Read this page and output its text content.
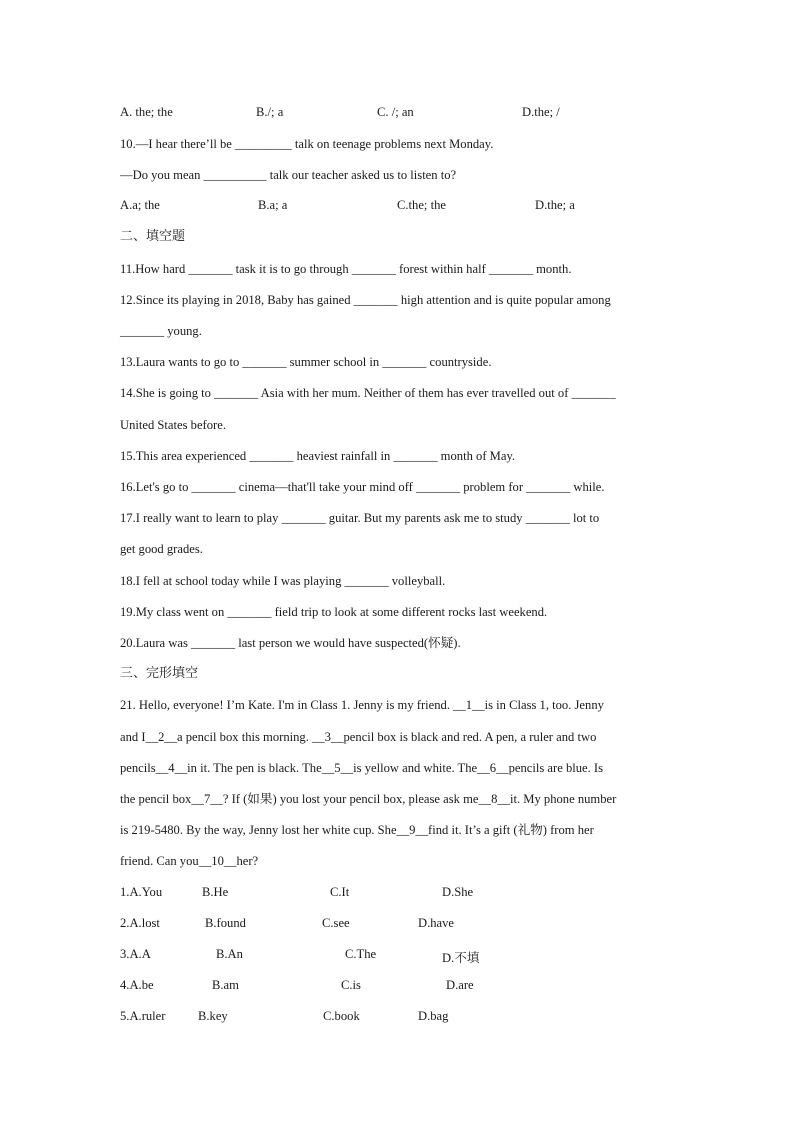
A. the; the	B./; a	C. /; an	D.the; /
10.—I hear there’ll be _________ talk on teenage problems next Monday.
—Do you mean __________ talk our teacher asked us to listen to?
A.a; the	B.a; a	C.the; the	D.the; a
二、填空题
11.How hard _______ task it is to go through _______ forest within half _______ month.
12.Since its playing in 2018, Baby has gained _______ high attention and is quite popular among
_______ young.
13.Laura wants to go to _______ summer school in _______ countryside.
14.She is going to _______ Asia with her mum. Neither of them has ever travelled out of _______
United States before.
15.This area experienced _______ heaviest rainfall in _______ month of May.
16.Let's go to _______ cinema—that'll take your mind off _______ problem for _______ while.
17.I really want to learn to play _______ guitar. But my parents ask me to study _______ lot to
get good grades.
18.I fell at school today while I was playing _______ volleyball.
19.My class went on _______ field trip to look at some different rocks last weekend.
20.Laura was _______ last person we would have suspected(怀疑).
三、完形填空
21. Hello, everyone! I’m Kate. I'm in Class 1. Jenny is my friend. __1__is in Class 1, too. Jenny
and I__2__a pencil box this morning. __3__pencil box is black and red. A pen, a ruler and two
pencils__4__in it. The pen is black. The__5__is yellow and white. The__6__pencils are blue. Is
the pencil box__7__? If (如果) you lost your pencil box, please ask me__8__it. My phone number
is 219-5480. By the way, Jenny lost her white cup. She__9__find it. It’s a gift (礼物) from her
friend. Can you__10__her?
1.A.You	B.He	C.It	D.She
2.A.lost	B.found	C.see	D.have
3.A.A	B.An	C.The	D.不填
4.A.be	B.am	C.is	D.are
5.A.ruler	B.key	C.book	D.bag
